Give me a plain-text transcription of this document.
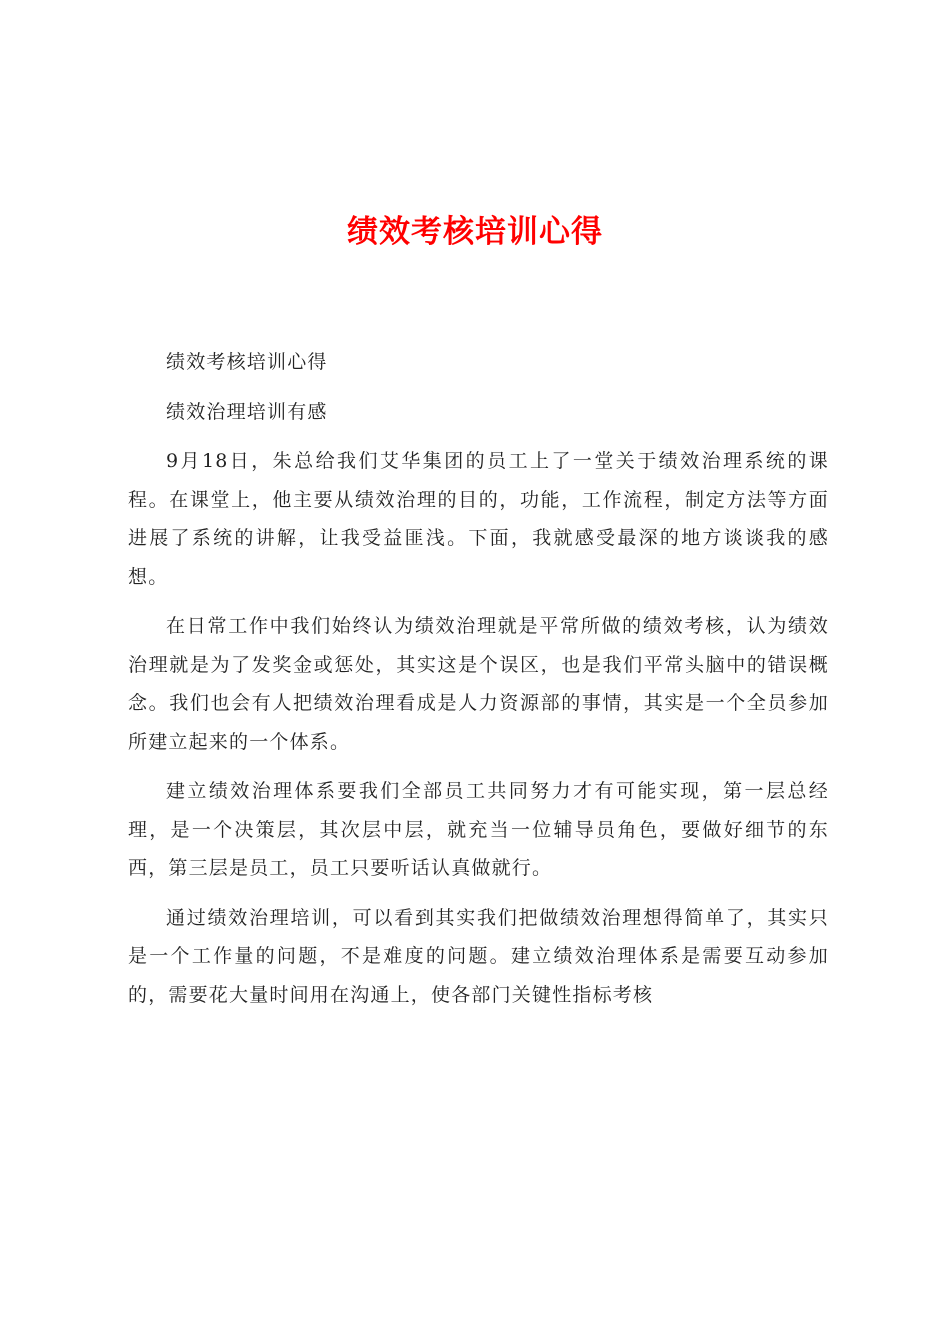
绩效考核培训心得

绩效考核培训心得

绩效治理培训有感

9月18日，朱总给我们艾华集团的员工上了一堂关于绩效治理系统的课程。在课堂上，他主要从绩效治理的目的，功能，工作流程，制定方法等方面进展了系统的讲解，让我受益匪浅。下面，我就感受最深的地方谈谈我的感想。

在日常工作中我们始终认为绩效治理就是平常所做的绩效考核，认为绩效治理就是为了发奖金或惩处，其实这是个误区，也是我们平常头脑中的错误概念。我们也会有人把绩效治理看成是人力资源部的事情，其实是一个全员参加所建立起来的一个体系。

建立绩效治理体系要我们全部员工共同努力才有可能实现，第一层总经理，是一个决策层，其次层中层，就充当一位辅导员角色，要做好细节的东西，第三层是员工，员工只要听话认真做就行。

通过绩效治理培训，可以看到其实我们把做绩效治理想得简单了，其实只是一个工作量的问题，不是难度的问题。建立绩效治理体系是需要互动参加的，需要花大量时间用在沟通上，使各部门关键性指标考核
